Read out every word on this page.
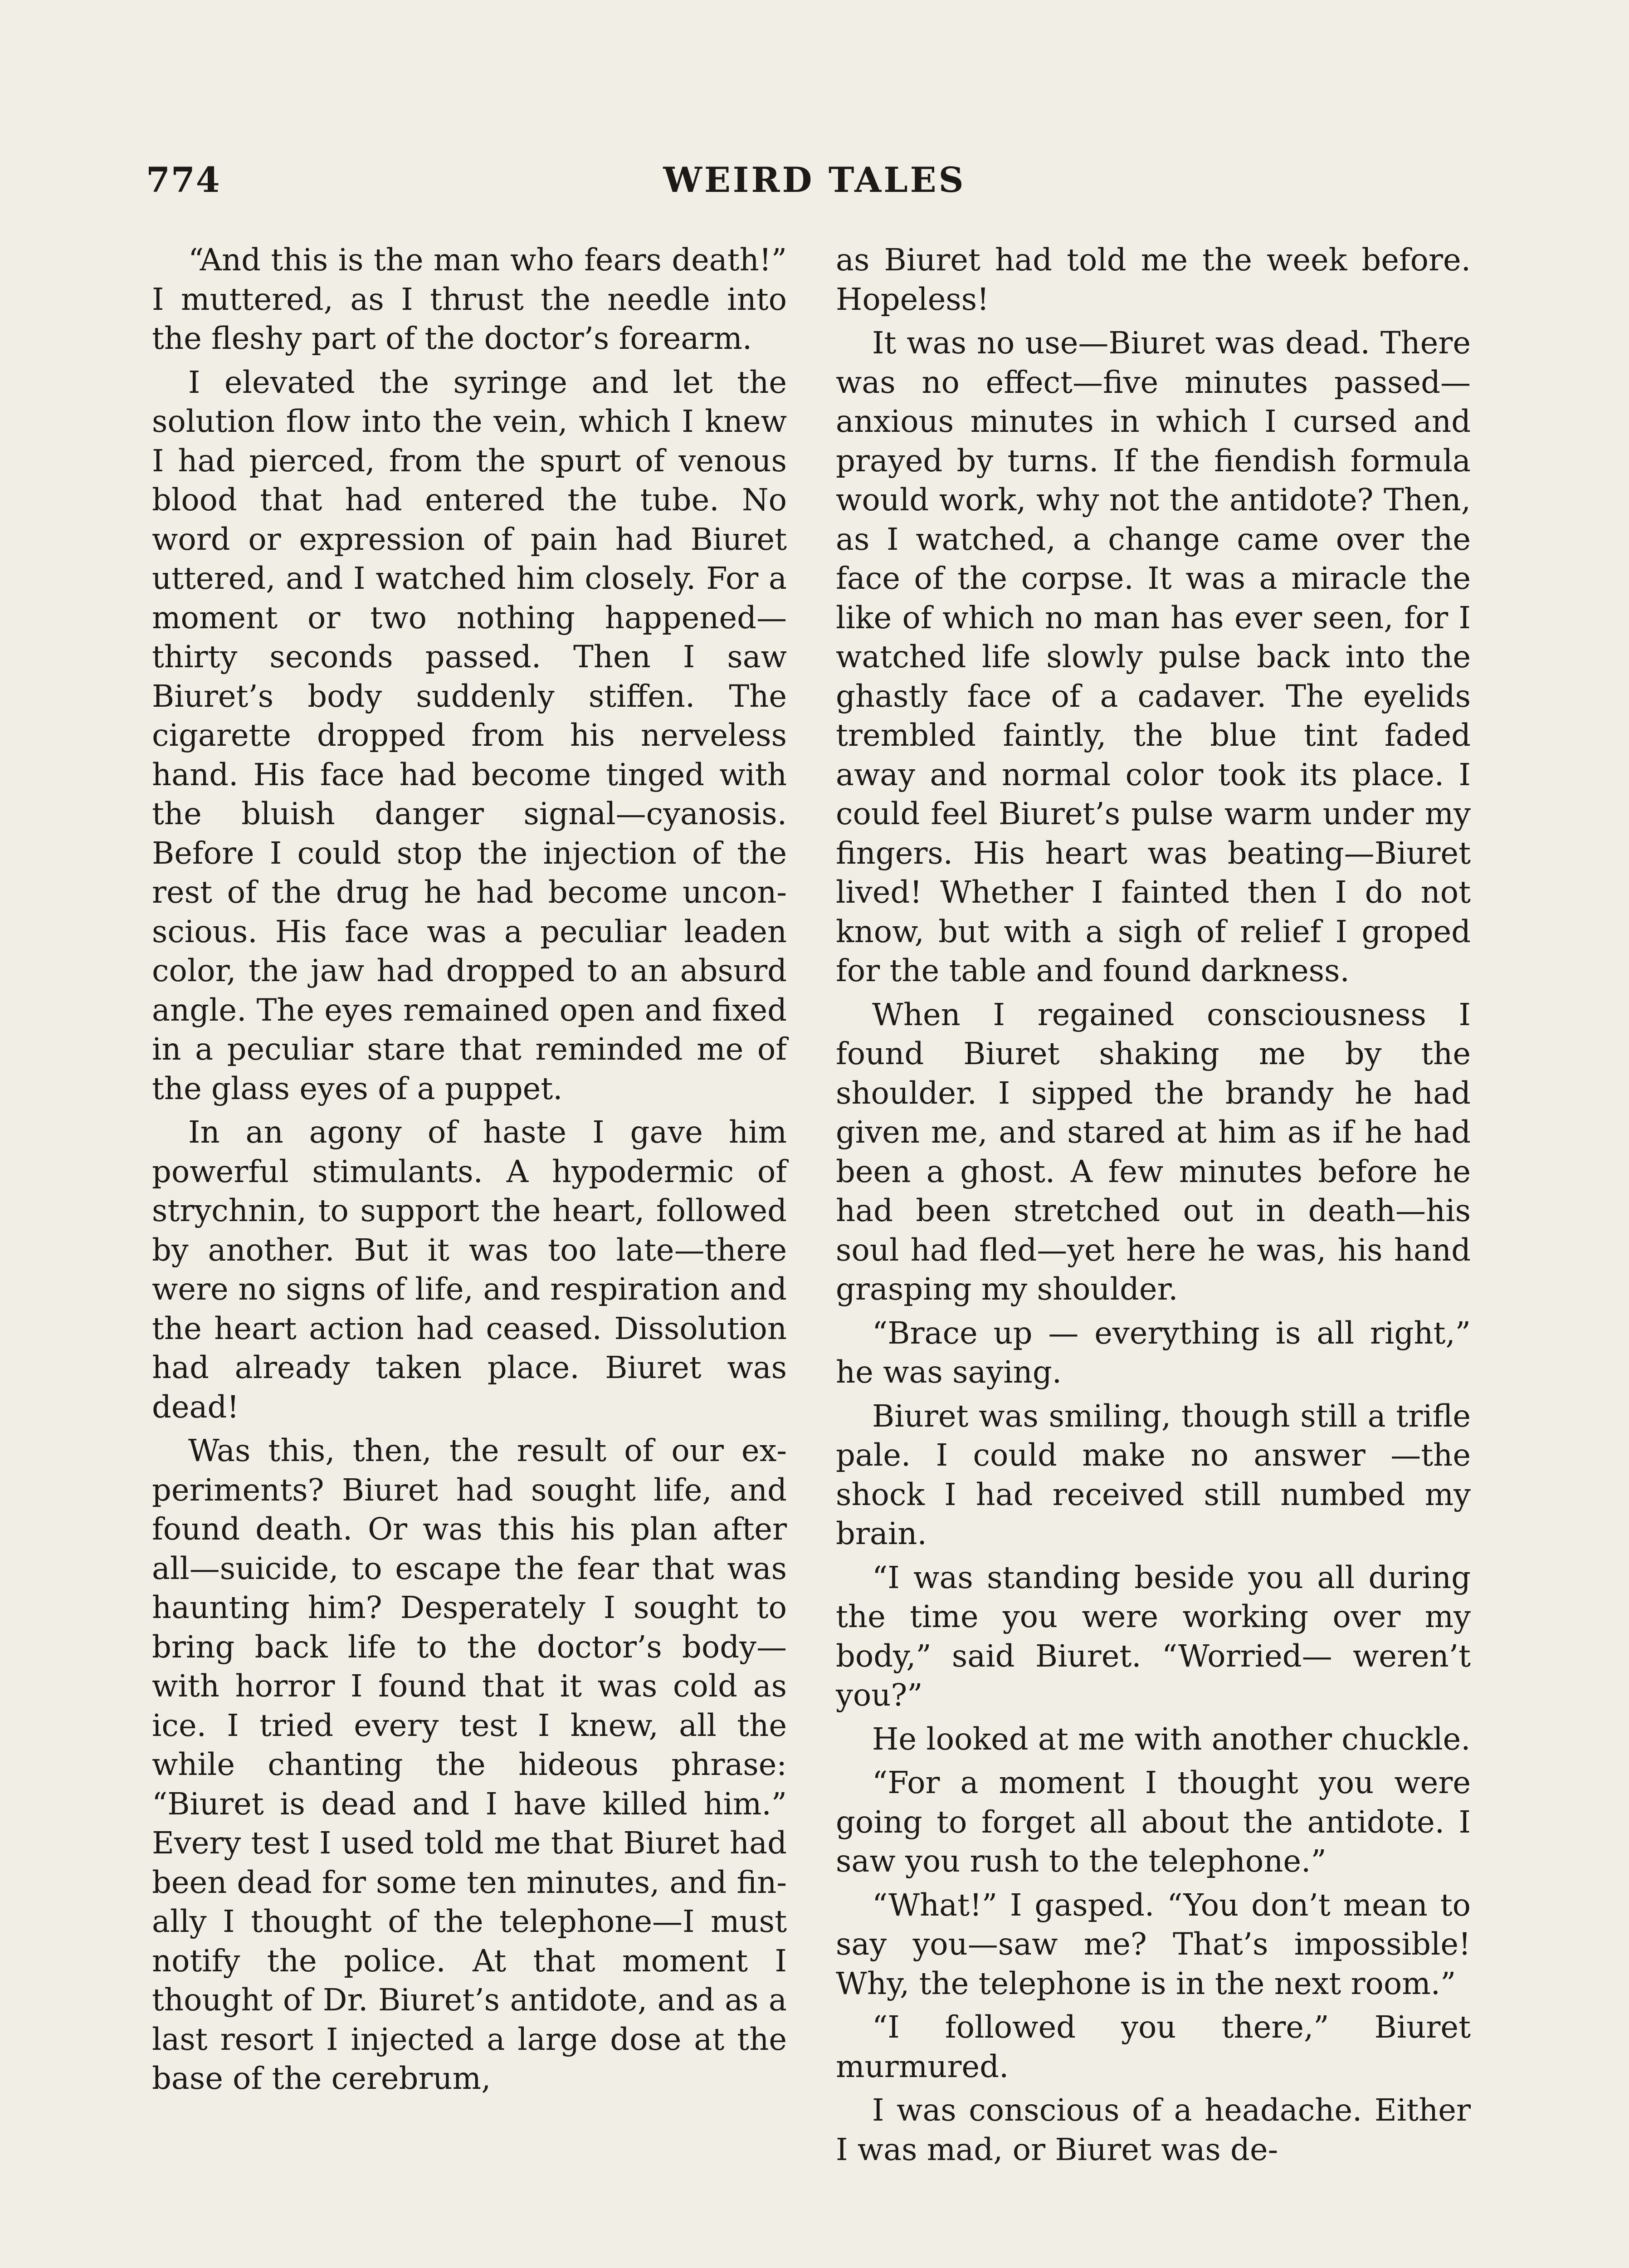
774	WEIRD TALES

“And this is the man who fears death!” I muttered, as I thrust the needle into the fleshy part of the doctor’s forearm.

I elevated the syringe and let the solution flow into the vein, which I knew I had pierced, from the spurt of venous blood that had entered the tube. No word or expression of pain had Biuret uttered, and I watched him closely. For a moment or two nothing happened—thirty seconds passed. Then I saw Biuret’s body suddenly stiffen. The cigarette dropped from his nerveless hand. His face had become tinged with the bluish danger signal—cyanosis. Before I could stop the injection of the rest of the drug he had become unconscious. His face was a peculiar leaden color, the jaw had dropped to an absurd angle. The eyes remained open and fixed in a peculiar stare that reminded me of the glass eyes of a puppet.

In an agony of haste I gave him powerful stimulants. A hypodermic of strychnin, to support the heart, followed by another. But it was too late—there were no signs of life, and respiration and the heart action had ceased. Dissolution had already taken place. Biuret was dead!

Was this, then, the result of our experiments? Biuret had sought life, and found death. Or was this his plan after all—suicide, to escape the fear that was haunting him? Desperately I sought to bring back life to the doctor’s body—with horror I found that it was cold as ice. I tried every test I knew, all the while chanting the hideous phrase: “Biuret is dead and I have killed him.” Every test I used told me that Biuret had been dead for some ten minutes, and finally I thought of the telephone—I must notify the police. At that moment I thought of Dr. Biuret’s antidote, and as a last resort I injected a large dose at the base of the cerebrum,

as Biuret had told me the week before. Hopeless!

It was no use—Biuret was dead. There was no effect—five minutes passed—anxious minutes in which I cursed and prayed by turns. If the fiendish formula would work, why not the antidote? Then, as I watched, a change came over the face of the corpse. It was a miracle the like of which no man has ever seen, for I watched life slowly pulse back into the ghastly face of a cadaver. The eyelids trembled faintly, the blue tint faded away and normal color took its place. I could feel Biuret’s pulse warm under my fingers. His heart was beating—Biuret lived! Whether I fainted then I do not know, but with a sigh of relief I groped for the table and found darkness.

When I regained consciousness I found Biuret shaking me by the shoulder. I sipped the brandy he had given me, and stared at him as if he had been a ghost. A few minutes before he had been stretched out in death—his soul had fled—yet here he was, his hand grasping my shoulder.

“Brace up — everything is all right,” he was saying.

Biuret was smiling, though still a trifle pale. I could make no answer —the shock I had received still numbed my brain.

“I was standing beside you all during the time you were working over my body,” said Biuret. “Worried— weren’t you?”

He looked at me with another chuckle.

“For a moment I thought you were going to forget all about the antidote. I saw you rush to the telephone.”

“What!” I gasped. “You don’t mean to say you—saw me? That’s impossible! Why, the telephone is in the next room.”

“I followed you there,” Biuret murmured.

I was conscious of a headache. Either I was mad, or Biuret was de-
